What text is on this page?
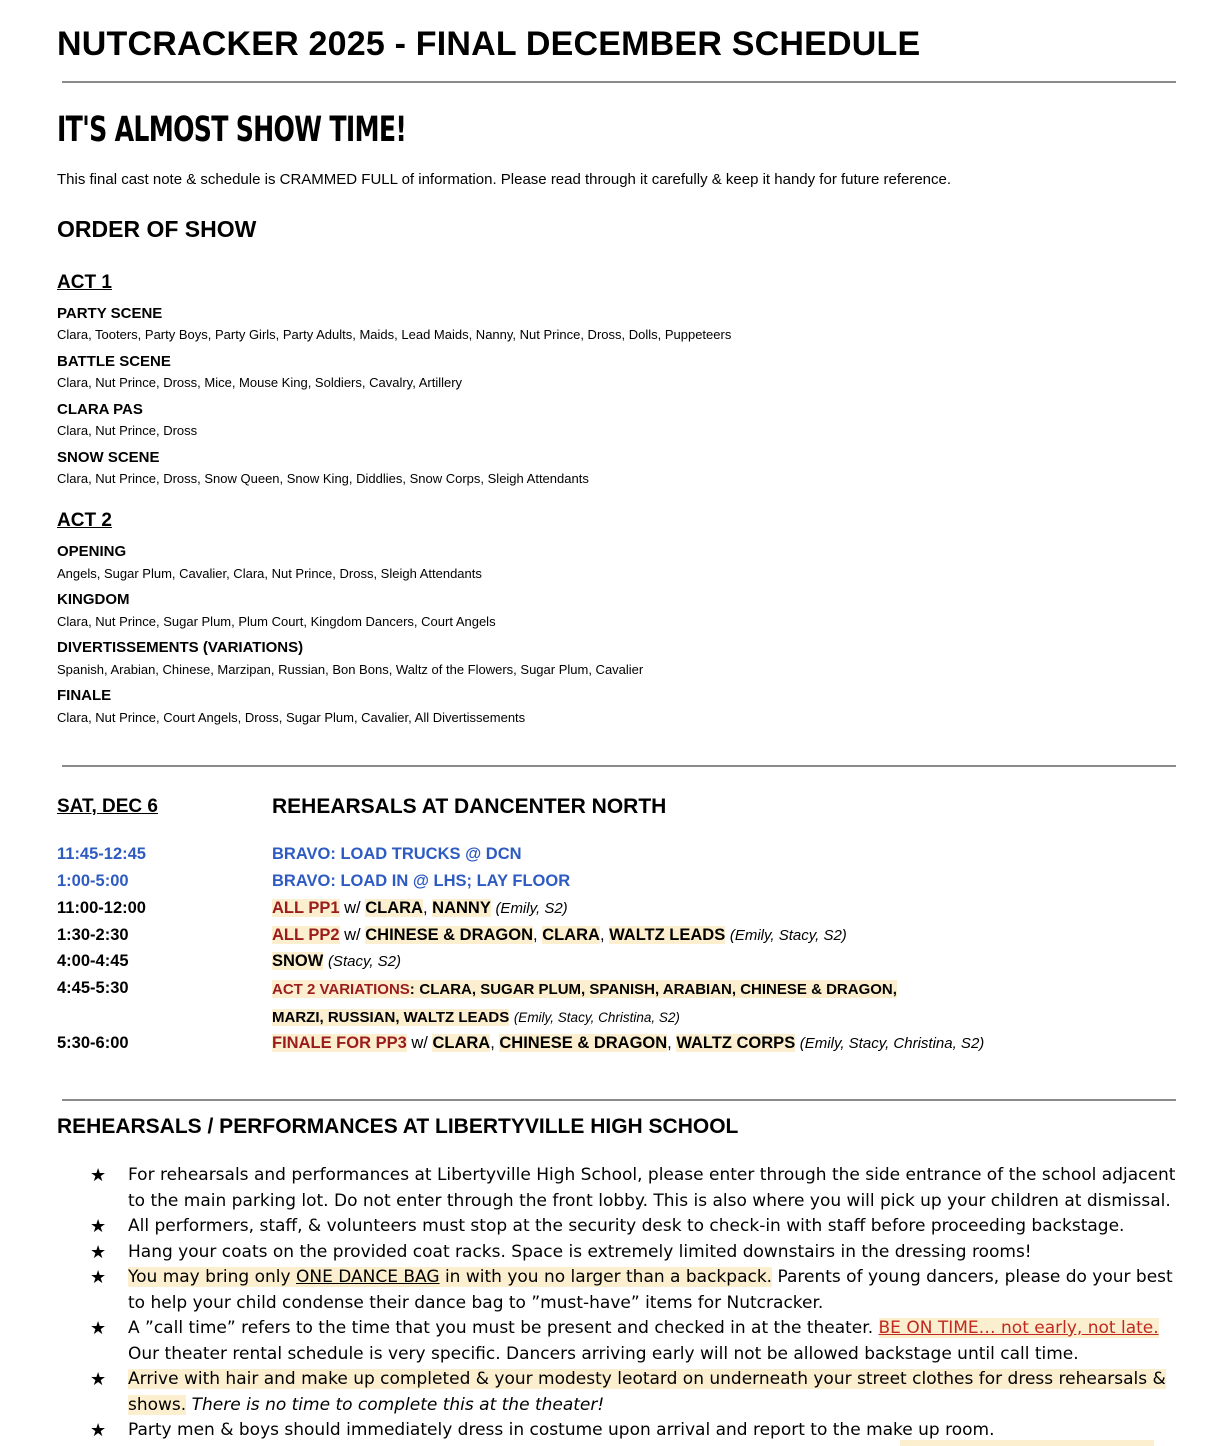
NUTCRACKER 2025 - FINAL DECEMBER SCHEDULE
IT'S ALMOST SHOW TIME!
This final cast note & schedule is CRAMMED FULL of information. Please read through it carefully & keep it handy for future reference.
ORDER OF SHOW
ACT 1
PARTY SCENE
Clara, Tooters, Party Boys, Party Girls, Party Adults, Maids, Lead Maids, Nanny, Nut Prince, Dross, Dolls, Puppeteers
BATTLE SCENE
Clara, Nut Prince, Dross, Mice, Mouse King, Soldiers, Cavalry, Artillery
CLARA PAS
Clara, Nut Prince, Dross
SNOW SCENE
Clara, Nut Prince, Dross, Snow Queen, Snow King, Diddlies, Snow Corps, Sleigh Attendants
ACT 2
OPENING
Angels, Sugar Plum, Cavalier, Clara, Nut Prince, Dross, Sleigh Attendants
KINGDOM
Clara, Nut Prince, Sugar Plum, Plum Court, Kingdom Dancers, Court Angels
DIVERTISSEMENTS (VARIATIONS)
Spanish, Arabian, Chinese, Marzipan, Russian, Bon Bons, Waltz of the Flowers, Sugar Plum, Cavalier
FINALE
Clara, Nut Prince, Court Angels, Dross, Sugar Plum, Cavalier, All Divertissements
SAT, DEC 6	REHEARSALS AT DANCENTER NORTH
11:45-12:45	BRAVO: LOAD TRUCKS @ DCN
1:00-5:00	BRAVO: LOAD IN @ LHS; LAY FLOOR
11:00-12:00	ALL PP1 w/ CLARA, NANNY (Emily, S2)
1:30-2:30	ALL PP2 w/ CHINESE & DRAGON, CLARA, WALTZ LEADS (Emily, Stacy, S2)
4:00-4:45	SNOW (Stacy, S2)
4:45-5:30	ACT 2 VARIATIONS: CLARA, SUGAR PLUM, SPANISH, ARABIAN, CHINESE & DRAGON,
MARZI, RUSSIAN, WALTZ LEADS (Emily, Stacy, Christina, S2)
5:30-6:00	FINALE FOR PP3 w/ CLARA, CHINESE & DRAGON, WALTZ CORPS (Emily, Stacy, Christina, S2)
REHEARSALS / PERFORMANCES AT LIBERTYVILLE HIGH SCHOOL
★ For rehearsals and performances at Libertyville High School, please enter through the side entrance of the school adjacent to the main parking lot. Do not enter through the front lobby. This is also where you will pick up your children at dismissal.
★ All performers, staff, & volunteers must stop at the security desk to check-in with staff before proceeding backstage.
★ Hang your coats on the provided coat racks. Space is extremely limited downstairs in the dressing rooms!
★ You may bring only ONE DANCE BAG in with you no larger than a backpack. Parents of young dancers, please do your best to help your child condense their dance bag to ”must-have” items for Nutcracker.
★ A ”call time” refers to the time that you must be present and checked in at the theater. BE ON TIME… not early, not late. Our theater rental schedule is very specific. Dancers arriving early will not be allowed backstage until call time.
★ Arrive with hair and make up completed & your modesty leotard on underneath your street clothes for dress rehearsals & shows. There is no time to complete this at the theater!
★ Party men & boys should immediately dress in costume upon arrival and report to the make up room.
